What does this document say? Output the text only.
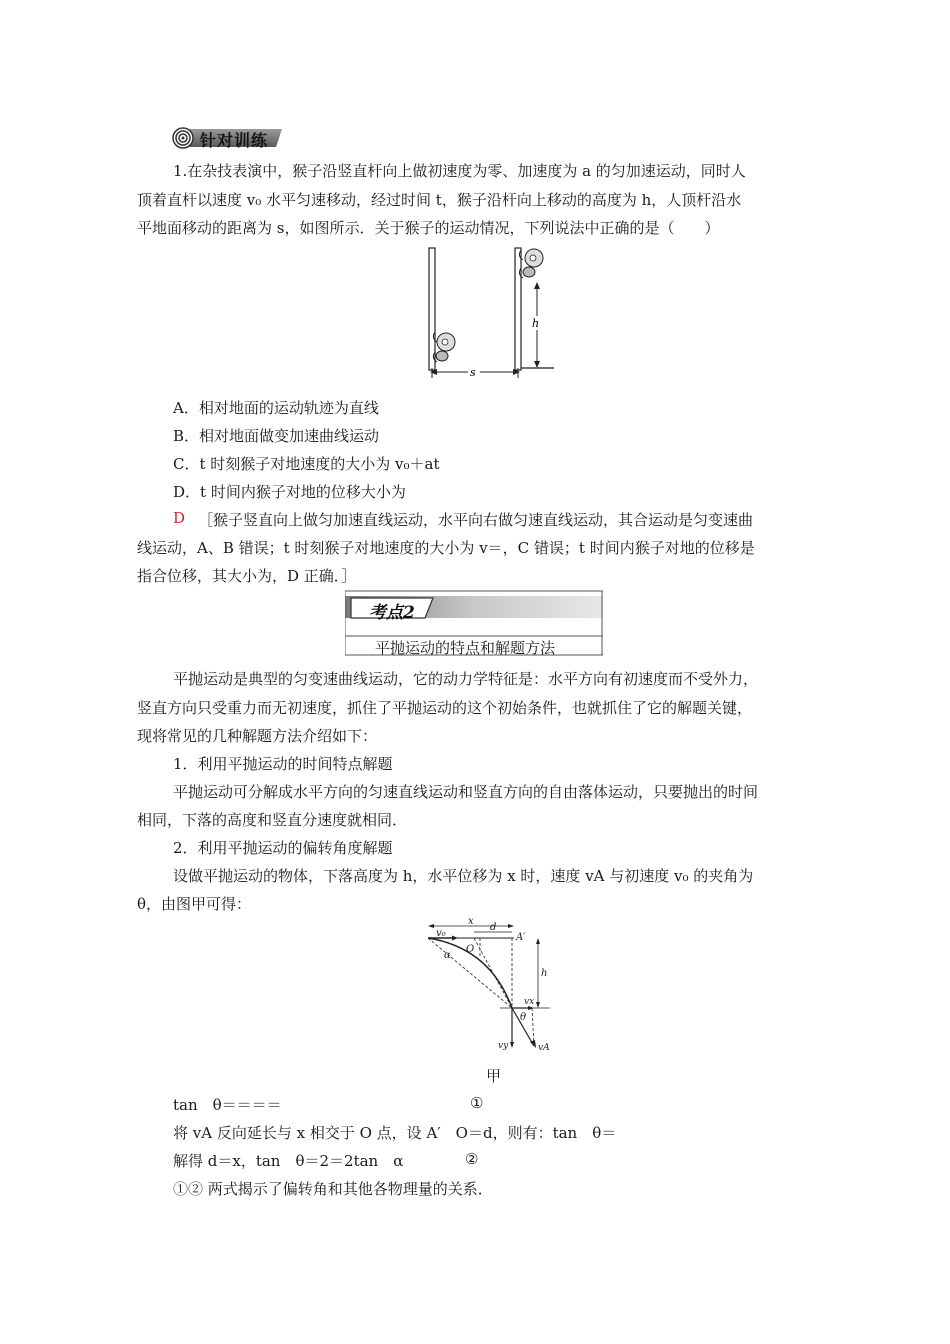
针对训练
1.在杂技表演中，猴子沿竖直杆向上做初速度为零、加速度为 a 的匀加速运动，同时人
顶着直杆以速度 v₀ 水平匀速移动，经过时间 t，猴子沿杆向上移动的高度为 h，人顶杆沿水
平地面移动的距离为 s，如图所示．关于猴子的运动情况，下列说法中正确的是（　　）
h
s
A．相对地面的运动轨迹为直线
B．相对地面做变加速曲线运动
C．t 时刻猴子对地速度的大小为 v₀＋at
D．t 时间内猴子对地的位移大小为
D ［猴子竖直向上做匀加速直线运动，水平向右做匀速直线运动，其合运动是匀变速曲
线运动，A、B 错误；t 时刻猴子对地速度的大小为 v＝，C 错误；t 时间内猴子对地的位移是
指合位移，其大小为，D 正确．］
考点2
平抛运动的特点和解题方法
平抛运动是典型的匀变速曲线运动，它的动力学特征是：水平方向有初速度而不受外力，
竖直方向只受重力而无初速度，抓住了平抛运动的这个初始条件，也就抓住了它的解题关键，
现将常见的几种解题方法介绍如下：
1．利用平抛运动的时间特点解题
平抛运动可分解成水平方向的匀速直线运动和竖直方向的自由落体运动，只要抛出的时间
相同，下落的高度和竖直分速度就相同．
2．利用平抛运动的偏转角度解题
设做平抛运动的物体，下落高度为 h，水平位移为 x 时，速度 vA 与初速度 v₀ 的夹角为
θ，由图甲可得：
x
v₀
d
A′
O
α
h
vx
θ
vy	vA
甲
tan　θ＝＝＝＝	①
将 vA 反向延长与 x 相交于 O 点，设 A′　O＝d，则有：tan　θ＝
解得 d＝x，tan　θ＝2＝2tan　α	②
①② 两式揭示了偏转角和其他各物理量的关系．
